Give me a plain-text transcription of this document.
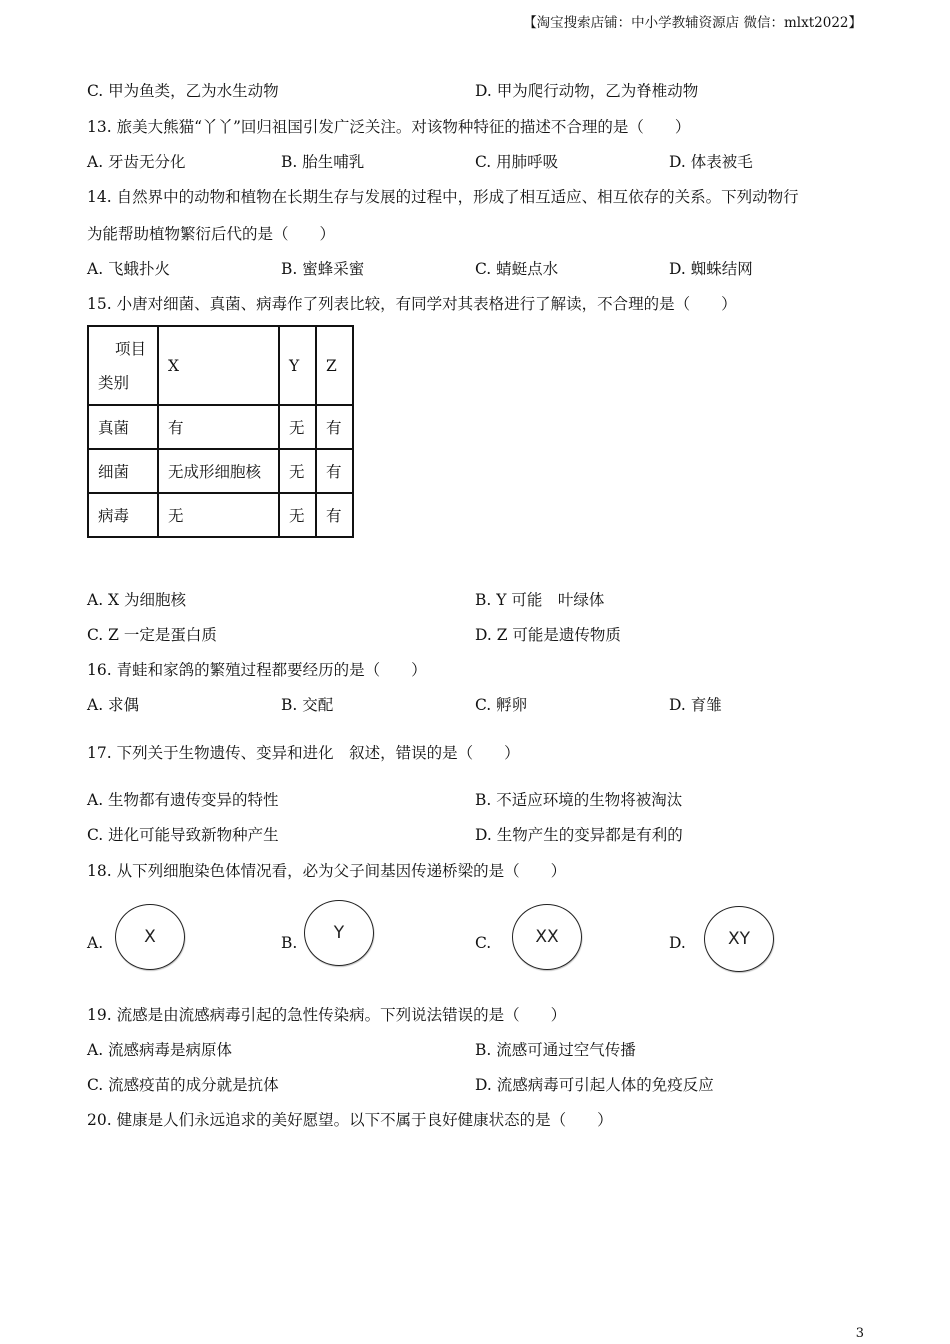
【淘宝搜索店铺：中小学教辅资源店 微信：mlxt2022】
C. 甲为鱼类，乙为水生动物	D. 甲为爬行动物，乙为脊椎动物
13. 旅美大熊猫“丫丫”回归祖国引发广泛关注。对该物种特征的描述不合理的是（　　）
A. 牙齿无分化	B. 胎生哺乳	C. 用肺呼吸	D. 体表被毛
14. 自然界中的动物和植物在长期生存与发展的过程中，形成了相互适应、相互依存的关系。下列动物行
为能帮助植物繁衍后代的是（　　）
A. 飞蛾扑火	B. 蜜蜂采蜜	C. 蜻蜓点水	D. 蜘蛛结网
15. 小唐对细菌、真菌、病毒作了列表比较，有同学对其表格进行了解读，不合理的是（　　）
项目
类别	X	Y	Z
真菌	有	无	有
细菌	无成形细胞核	无	有
病毒	无	无	有
A. X 为细胞核	B. Y 可能　叶绿体
C. Z 一定是蛋白质	D. Z 可能是遗传物质
16. 青蛙和家鸽的繁殖过程都要经历的是（　　）
A. 求偶	B. 交配	C. 孵卵	D. 育雏
17. 下列关于生物遗传、变异和进化　叙述，错误的是（　　）
A. 生物都有遗传变异的特性	B. 不适应环境的生物将被淘汰
C. 进化可能导致新物种产生	D. 生物产生的变异都是有利的
18. 从下列细胞染色体情况看，必为父子间基因传递桥梁的是（　　）
A.	X	B.	Y	C.	XX	D.	XY
19. 流感是由流感病毒引起的急性传染病。下列说法错误的是（　　）
A. 流感病毒是病原体	B. 流感可通过空气传播
C. 流感疫苗的成分就是抗体	D. 流感病毒可引起人体的免疫反应
20. 健康是人们永远追求的美好愿望。以下不属于良好健康状态的是（　　）
3
